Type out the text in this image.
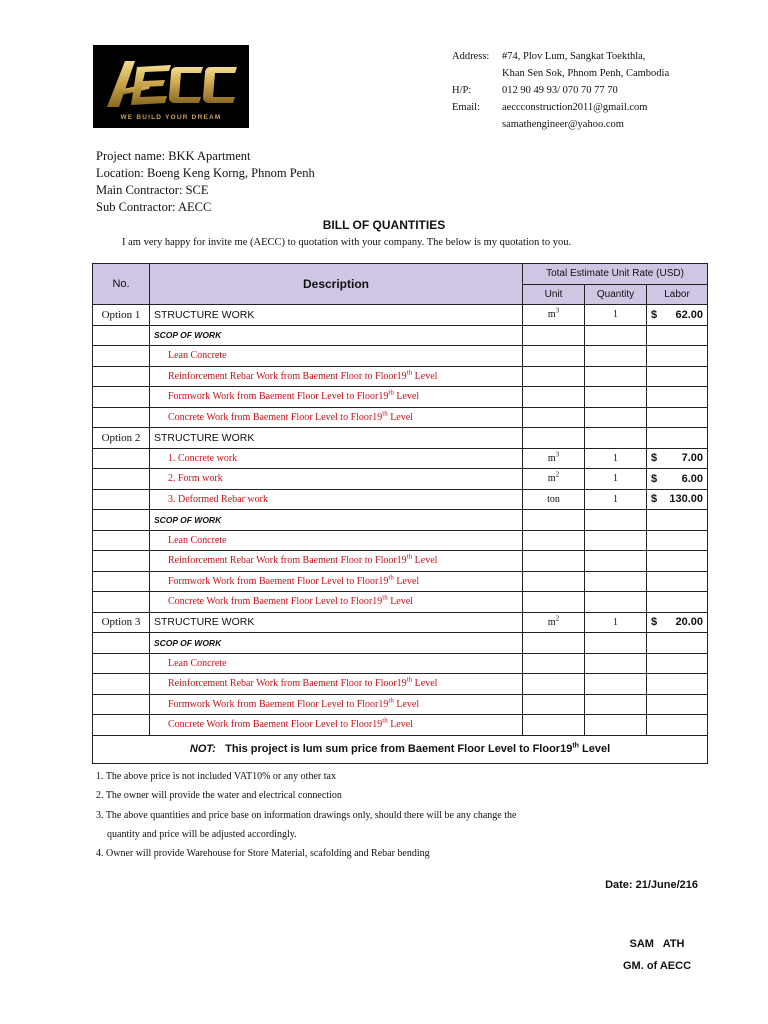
WE BUILD YOUR DREAM
Address:	#74, Plov Lum, Sangkat Toekthla,
Khan Sen Sok, Phnom Penh, Cambodia
H/P:	012 90 49 93/ 070 70 77 70
Email:	aeccconstruction2011@gmail.com
samathengineer@yahoo.com
Project name: BKK Apartment
Location: Boeng Keng Korng, Phnom Penh
Main Contractor: SCE
Sub Contractor: AECC
BILL OF QUANTITIES
I am very happy for invite me (AECC) to quotation with your company. The below is my quotation to you.
No.	Description	Total Estimate Unit Rate (USD)		
		Unit	Quantity	Labor
Option 1	STRUCTURE WORK	$m^3$	1	$ 62.00

	SCOP OF WORK			
	Lean Concrete			
	Reinforcement Rebar Work from Baement Floor to Floor19th Level			
	Formwork Work from Baement Floor Level to Floor19th Level			
	Concrete Work from Baement Floor Level to Floor19th Level			
Option 2	STRUCTURE WORK			
	1. Concrete work	$m^3$	1	$ 7.00

	2. Form work	$m^2$	1	$ 6.00

	3. Deformed Rebar work	ton	1	$ 130.00

	SCOP OF WORK			
	Lean Concrete			
	Reinforcement Rebar Work from Baement Floor to Floor19th Level			
	Formwork Work from Baement Floor Level to Floor19th Level			
	Concrete Work from Baement Floor Level to Floor19th Level			
Option 3	STRUCTURE WORK	$m^2$	1	$ 20.00

	SCOP OF WORK			
	Lean Concrete			
	Reinforcement Rebar Work from Baement Floor to Floor19th Level			
	Formwork Work from Baement Floor Level to Floor19th Level			
	Concrete Work from Baement Floor Level to Floor19th Level			
NOT: This project is lum sum price from Baement Floor Level to Floor19th Level				
1. The above price is not included VAT10% or any other tax
2. The owner will provide the water and electrical connection
3. The above quantities and price base on information drawings only, should there will be any change the
quantity and price will be adjusted accordingly.
4. Owner will provide Warehouse for Store Material, scafolding and Rebar bending
Date: 21/June/216
SAM   ATH
GM. of AECC
